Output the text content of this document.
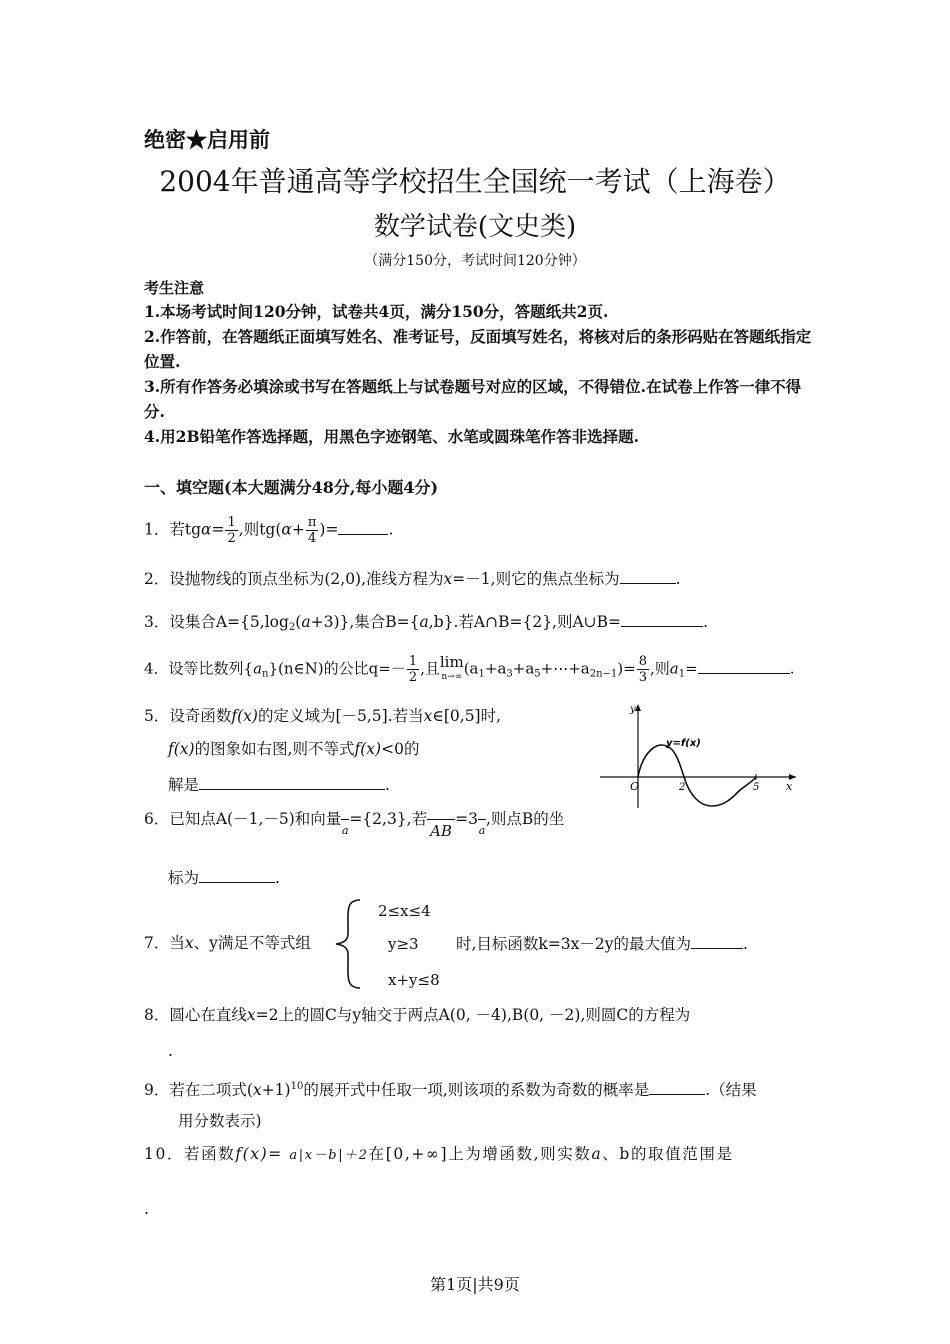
绝密★启用前
2004年普通高等学校招生全国统一考试（上海卷）
数学试卷(文史类)
（满分150分，考试时间120分钟）
考生注意
1.本场考试时间120分钟，试卷共4页，满分150分，答题纸共2页.
2.作答前，在答题纸正面填写姓名、准考证号，反面填写姓名，将核对后的条形码贴在答题纸指定位置.
3.所有作答务必填涂或书写在答题纸上与试卷题号对应的区域，不得错位.在试卷上作答一律不得分.
4.用2B铅笔作答选择题，用黑色字迹钢笔、水笔或圆珠笔作答非选择题.
一、填空题(本大题满分48分,每小题4分)
1．若$tg\alpha= \frac{1}{2}$ ,则$tg(\alpha+ \frac{\pi}{4}$ )=	.
2．设抛物线的顶点坐标为(2,0),准线方程为x=－1,则它的焦点坐标为	.
3．设集合$A=\{5,\log_2(a+3)\}$,集合B={a,b}.若A∩B={2},则A∪B=	.
4．设等比数列$\{a_n\}(n\in N)$的公比$q=- \frac{1}{2}$ ,且 lim
n→∞ $(a_1+a_3+a_5+\cdots+a_{2n-1})= \frac{8}{3}$ ,则$a_1=$	.
5．设奇函数f(x)的定义域为[－5,5].若当x∈[0,5]时,
f(x)的图象如右图,则不等式f(x)<0的
解是	.
y
x
O
y=f(x)
2	5
6．已知点A(－1,－5)和向量a={2,3},若AB=3a,则点B的坐
标为	.
7．当x、y满足不等式组
2≤x≤4
y≥3
x+y≤8
时,目标函数k=3x－2y的最大值为	.
8．圆心在直线x=2上的圆C与y轴交于两点A(0, －4),B(0, －2),则圆C的方程为
.
9．若在二项式$(x+1)^{10}$的展开式中任取一项,则该项的系数为奇数的概率是	.（结果
用分数表示)
10．若函数f(x)= a|x－b|＋2在[0,+∞]上为增函数,则实数a、b的取值范围是
.
第1页|共9页
